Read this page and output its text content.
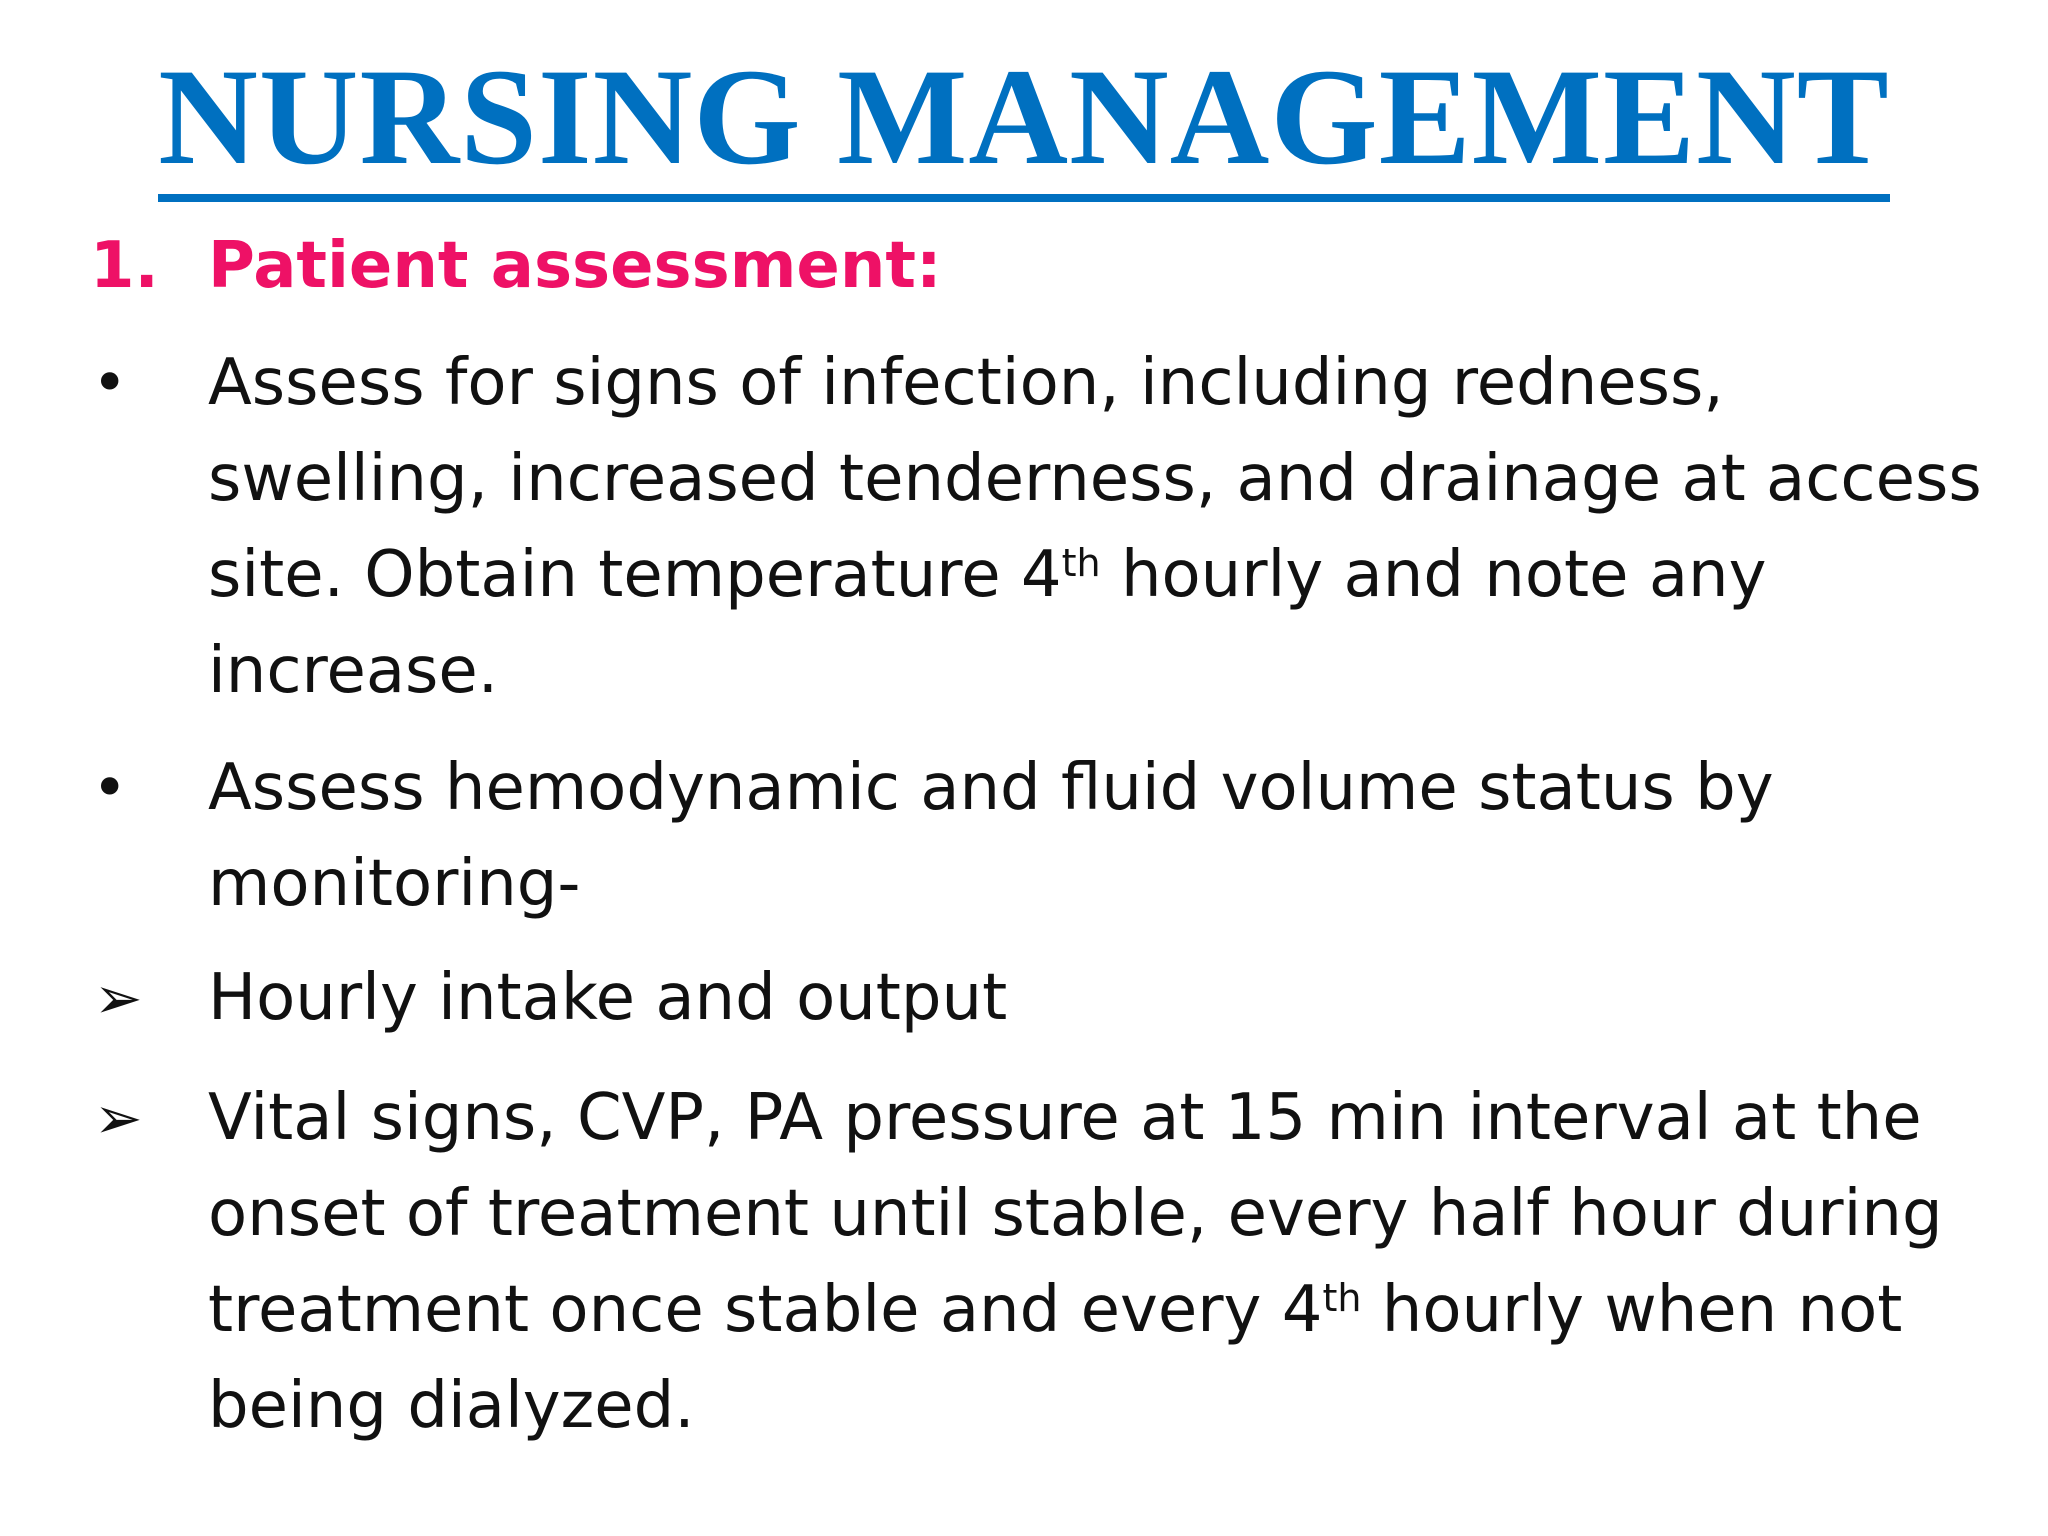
NURSING MANAGEMENT
1. Patient assessment:
•	Assess for signs of infection, including redness, swelling, increased tenderness, and drainage at access site. Obtain temperature 4th hourly and note any increase.
•	Assess hemodynamic and fluid volume status by monitoring-
➢	Hourly intake and output
➢	Vital signs, CVP, PA pressure at 15 min interval at the onset of treatment until stable, every half hour during treatment once stable and every 4th hourly when not being dialyzed.
